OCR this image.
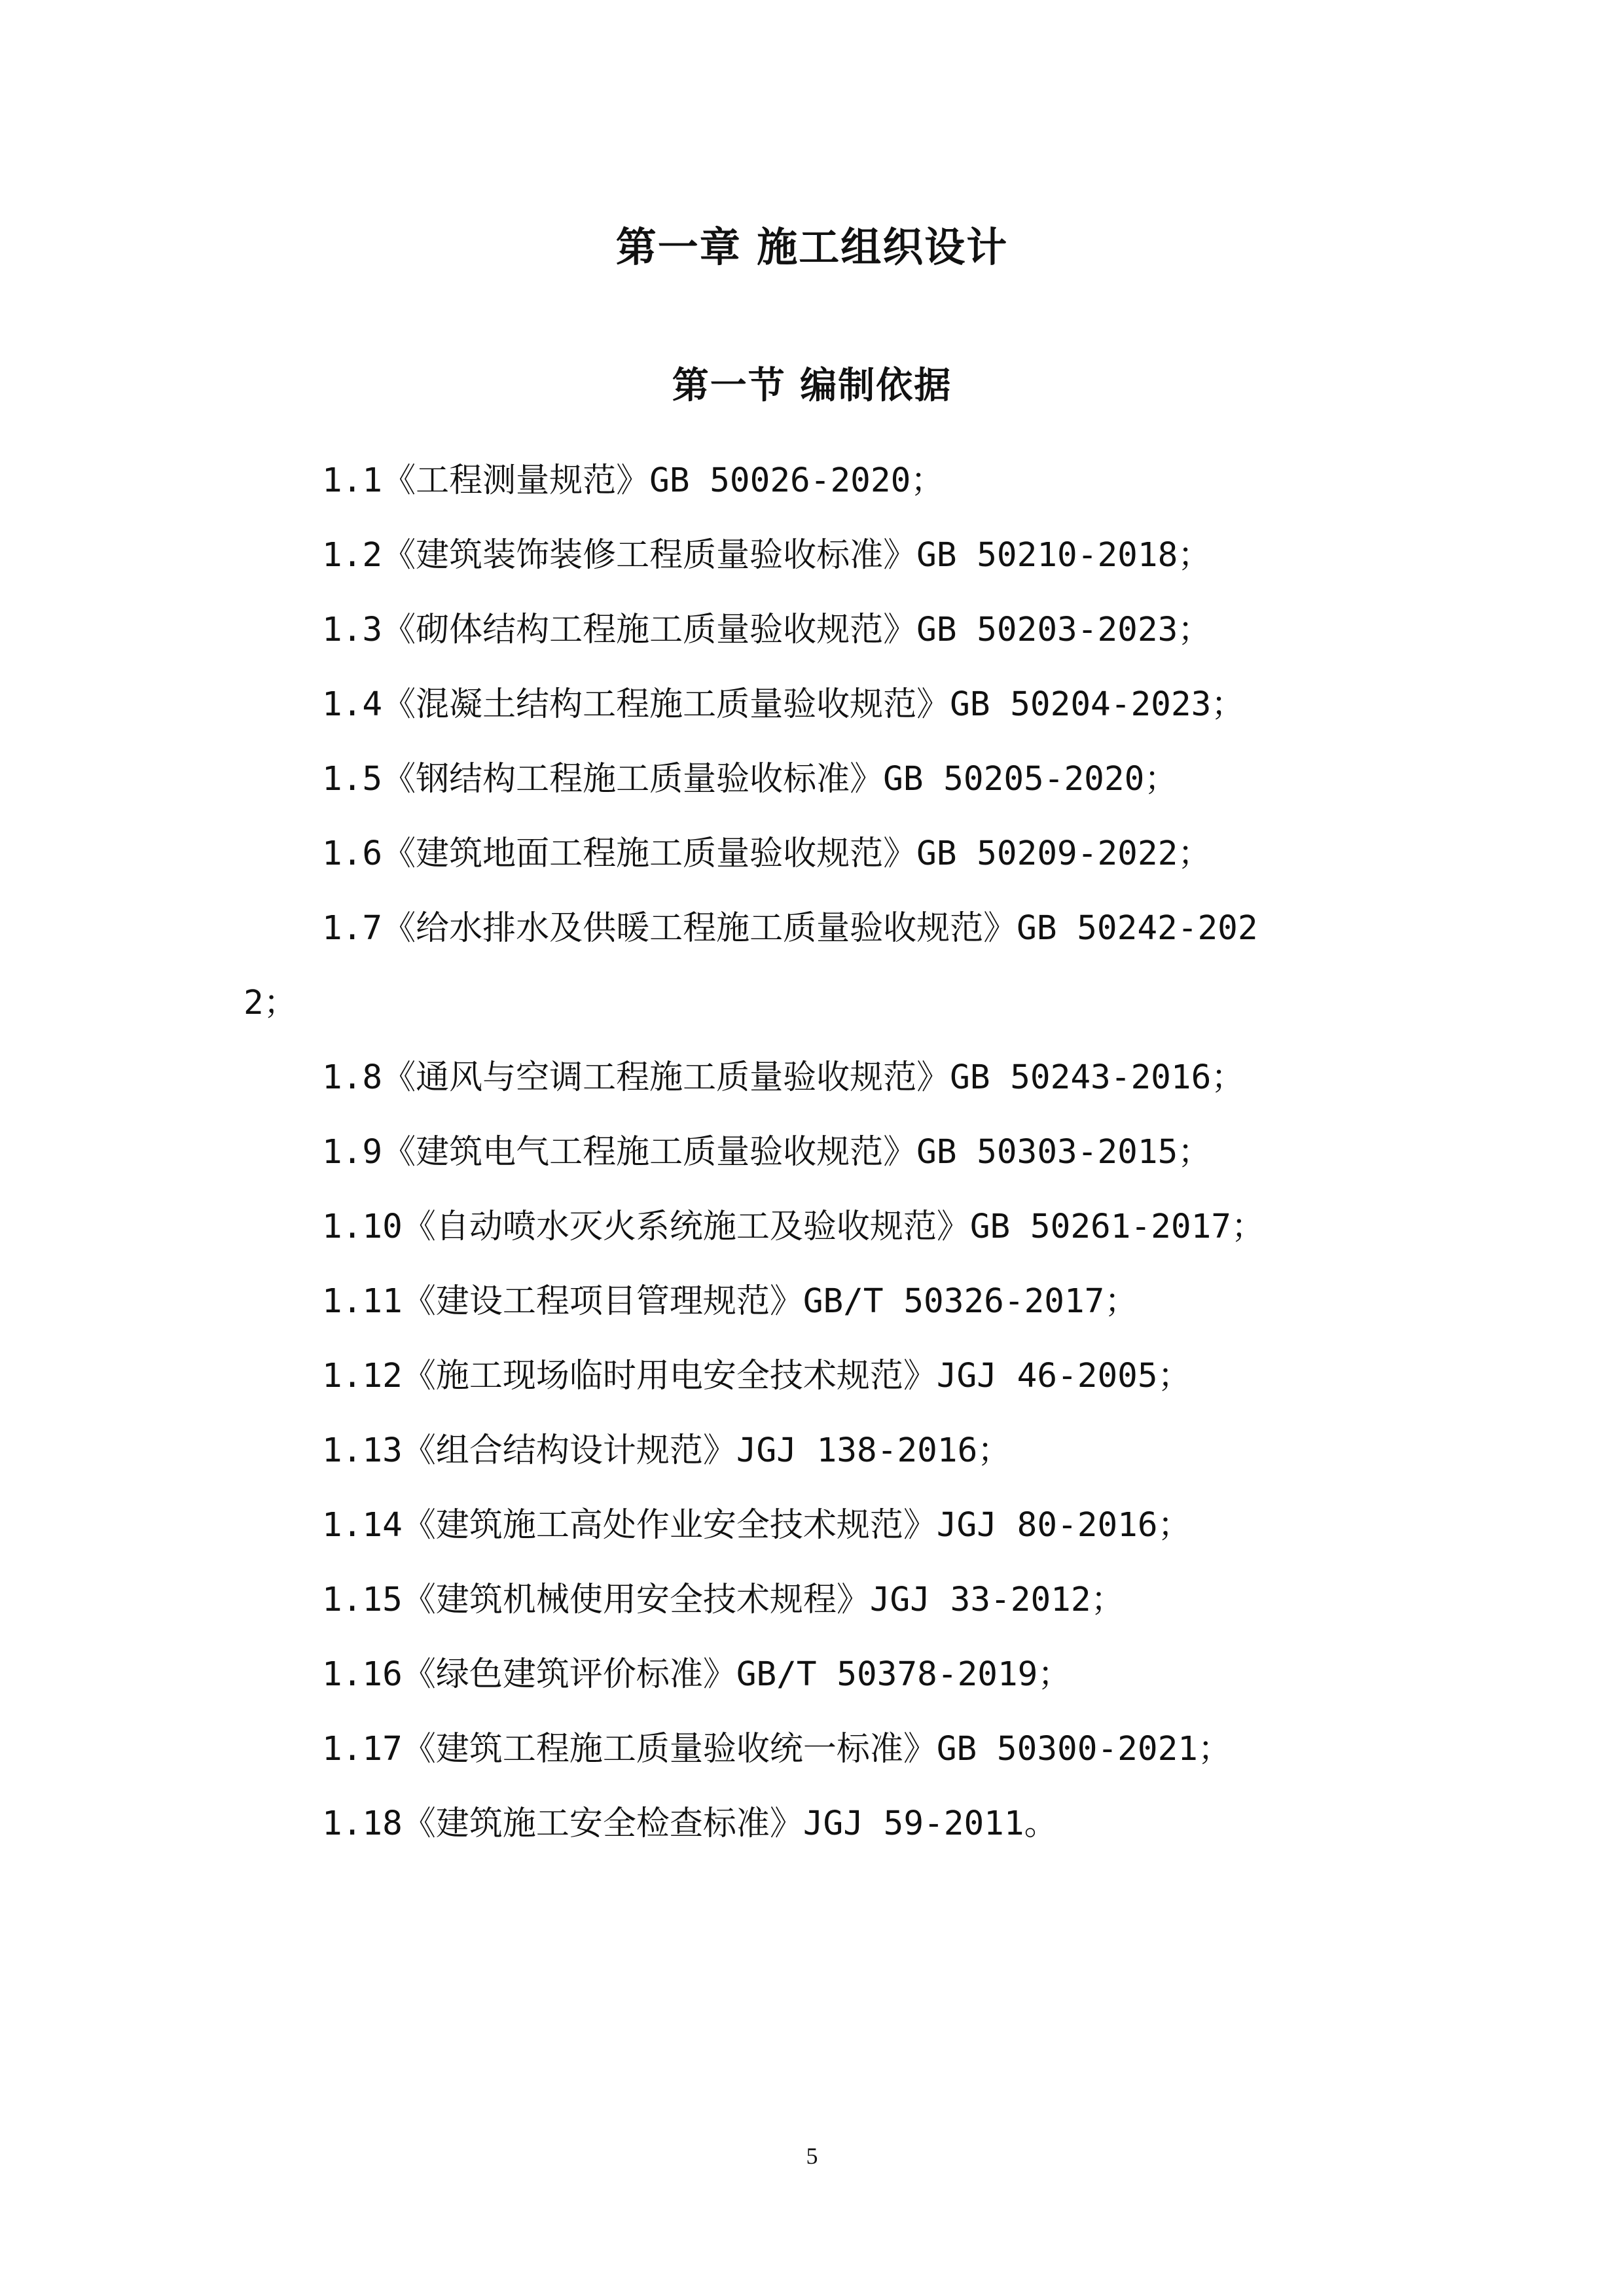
第一章 施工组织设计
第一节 编制依据
1.1《工程测量规范》GB 50026-2020；
1.2《建筑装饰装修工程质量验收标准》GB 50210-2018；
1.3《砌体结构工程施工质量验收规范》GB 50203-2023；
1.4《混凝土结构工程施工质量验收规范》GB 50204-2023；
1.5《钢结构工程施工质量验收标准》GB 50205-2020；
1.6《建筑地面工程施工质量验收规范》GB 50209-2022；
1.7《给水排水及供暖工程施工质量验收规范》GB 50242-202
2；
1.8《通风与空调工程施工质量验收规范》GB 50243-2016；
1.9《建筑电气工程施工质量验收规范》GB 50303-2015；
1.10《自动喷水灭火系统施工及验收规范》GB 50261-2017；
1.11《建设工程项目管理规范》GB/T 50326-2017；
1.12《施工现场临时用电安全技术规范》JGJ 46-2005；
1.13《组合结构设计规范》JGJ 138-2016；
1.14《建筑施工高处作业安全技术规范》JGJ 80-2016；
1.15《建筑机械使用安全技术规程》JGJ 33-2012；
1.16《绿色建筑评价标准》GB/T 50378-2019；
1.17《建筑工程施工质量验收统一标准》GB 50300-2021；
1.18《建筑施工安全检查标准》JGJ 59-2011。
5
